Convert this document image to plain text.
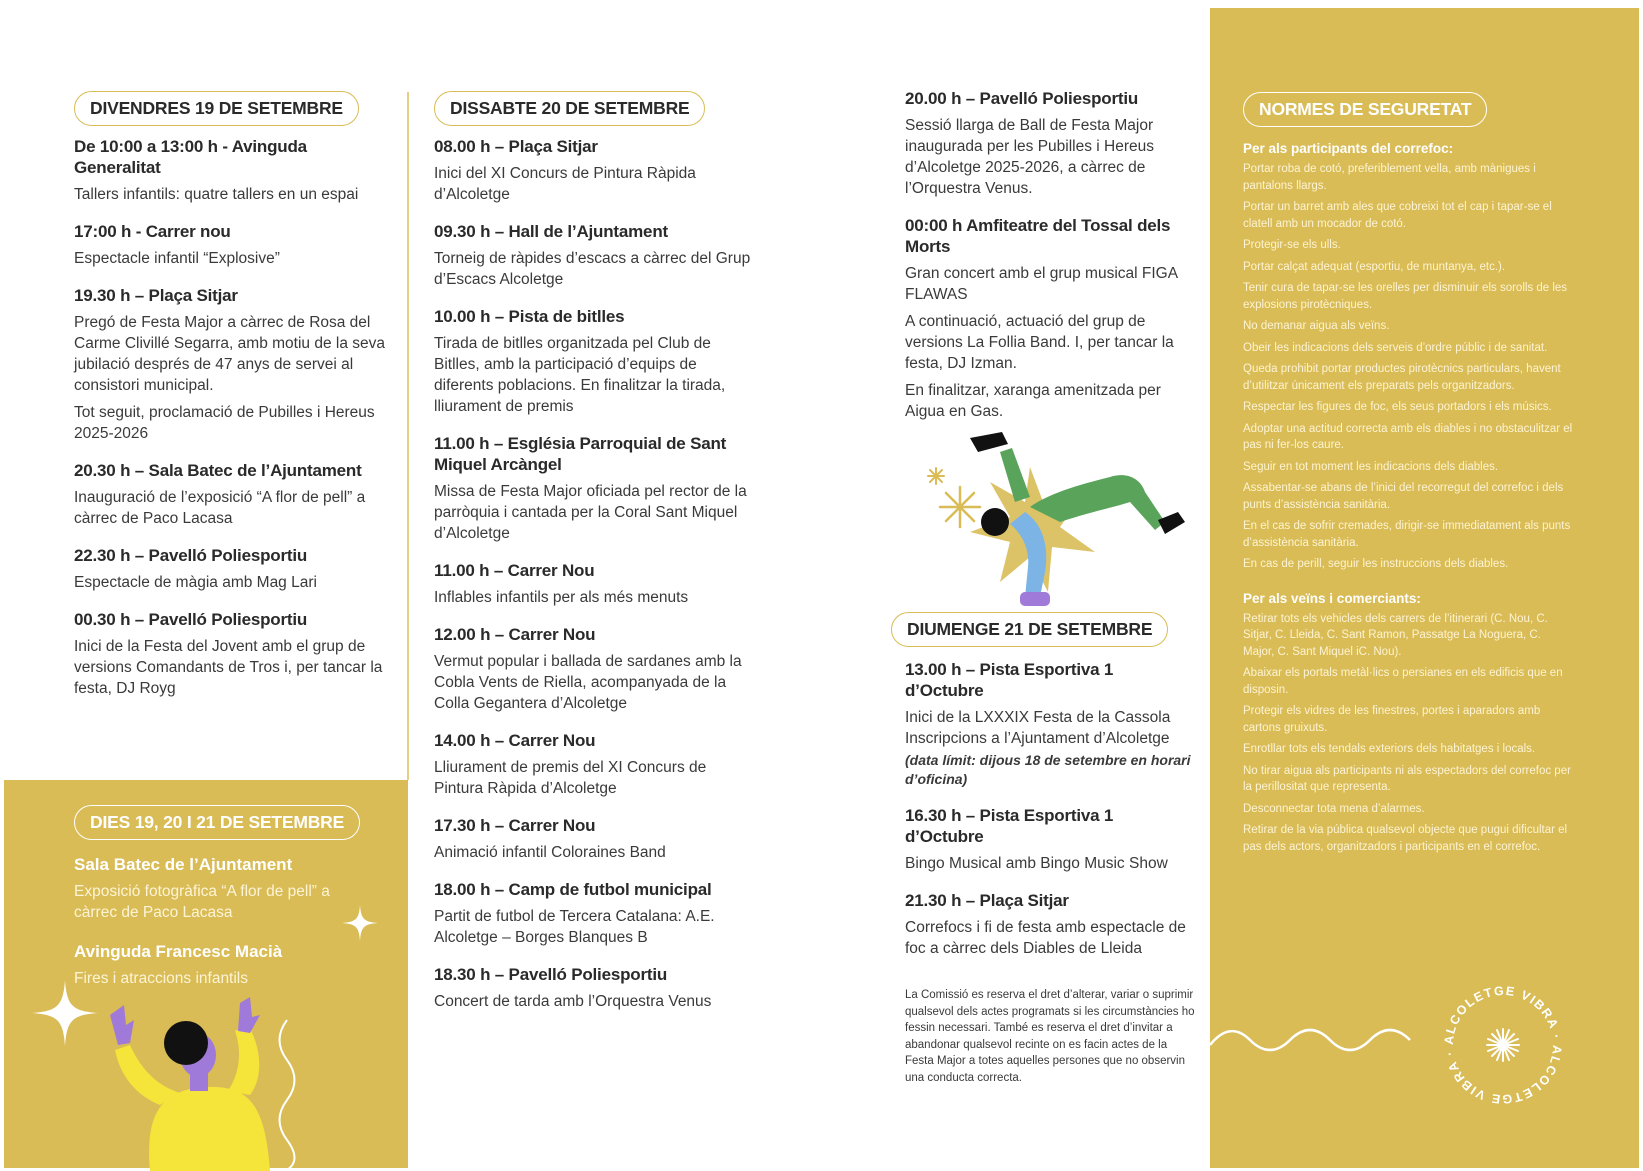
DIVENDRES 19 DE SETEMBRE
De 10:00 a 13:00 h - Avinguda Generalitat

Tallers infantils: quatre tallers en un espai

17:00 h - Carrer nou

Espectacle infantil “Explosive”

19.30 h – Plaça Sitjar

Pregó de Festa Major a càrrec de Rosa del Carme Clivillé Segarra, amb motiu de la seva jubilació després de 47 anys de servei al consistori municipal.

Tot seguit, proclamació de Pubilles i Hereus 2025-2026

20.30 h – Sala Batec de l’Ajuntament

Inauguració de l’exposició “A flor de pell” a càrrec de Paco Lacasa

22.30 h – Pavelló Poliesportiu

Espectacle de màgia amb Mag Lari

00.30 h – Pavelló Poliesportiu

Inici de la Festa del Jovent amb el grup de versions Comandants de Tros i, per tancar la festa, DJ Royg

DIES 19, 20 I 21 DE SETEMBRE
Sala Batec de l’Ajuntament

Exposició fotogràfica “A flor de pell” a càrrec de Paco Lacasa

Avinguda Francesc Macià

Fires i atraccions infantils

DISSABTE 20 DE SETEMBRE
08.00 h – Plaça Sitjar

Inici del XI Concurs de Pintura Ràpida d’Alcoletge

09.30 h – Hall de l’Ajuntament

Torneig de ràpides d’escacs a càrrec del Grup d’Escacs Alcoletge

10.00 h – Pista de bitlles

Tirada de bitlles organitzada pel Club de Bitlles, amb la participació d’equips de diferents poblacions. En finalitzar la tirada, lliurament de premis

11.00 h – Església Parroquial de Sant Miquel Arcàngel

Missa de Festa Major oficiada pel rector de la parròquia i cantada per la Coral Sant Miquel d’Alcoletge

11.00 h – Carrer Nou

Inflables infantils per als més menuts

12.00 h – Carrer Nou

Vermut popular i ballada de sardanes amb la Cobla Vents de Riella, acompanyada de la Colla Gegantera d’Alcoletge

14.00 h – Carrer Nou

Lliurament de premis del XI Concurs de Pintura Ràpida d’Alcoletge

17.30 h – Carrer Nou

Animació infantil Coloraines Band

18.00 h – Camp de futbol municipal

Partit de futbol de Tercera Catalana: A.E. Alcoletge – Borges Blanques B

18.30 h – Pavelló Poliesportiu

Concert de tarda amb l’Orquestra Venus

20.00 h – Pavelló Poliesportiu

Sessió llarga de Ball de Festa Major inaugurada per les Pubilles i Hereus d’Alcoletge 2025-2026, a càrrec de l’Orquestra Venus.

00:00 h Amfiteatre del Tossal dels Morts

Gran concert amb el grup musical FIGA FLAWAS

A continuació, actuació del grup de versions La Follia Band. I, per tancar la festa, DJ Izman.

En finalitzar, xaranga amenitzada per Aigua en Gas.

DIUMENGE 21 DE SETEMBRE
13.00 h – Pista Esportiva 1 d’Octubre

Inici de la LXXXIX Festa de la Cassola Inscripcions a l’Ajuntament d’Alcoletge

(data límit: dijous 18 de setembre en horari d’oficina)

16.30 h – Pista Esportiva 1 d’Octubre

Bingo Musical amb Bingo Music Show

21.30 h – Plaça Sitjar

Correfocs i fi de festa amb espectacle de foc a càrrec dels Diables de Lleida

La Comissió es reserva el dret d’alterar, variar o suprimir qualsevol dels actes programats si les circumstàncies ho fessin necessari. També es reserva el dret d’invitar a abandonar qualsevol recinte on es facin actes de la Festa Major a totes aquelles persones que no observin una conducta correcta.
NORMES DE SEGURETAT
Per als participants del correfoc:
Portar roba de cotó, preferiblement vella, amb mànigues i pantalons llargs.
Portar un barret amb ales que cobreixi tot el cap i tapar-se el clatell amb un mocador de cotó.
Protegir-se els ulls.
Portar calçat adequat (esportiu, de muntanya, etc.).
Tenir cura de tapar-se les orelles per disminuir els sorolls de les explosions pirotècniques.
No demanar aigua als veïns.
Obeir les indicacions dels serveis d’ordre públic i de sanitat.
Queda prohibit portar productes pirotècnics particulars, havent d’utilitzar únicament els preparats pels organitzadors.
Respectar les figures de foc, els seus portadors i els músics.
Adoptar una actitud correcta amb els diables i no obstaculitzar el pas ni fer-los caure.
Seguir en tot moment les indicacions dels diables.
Assabentar-se abans de l’inici del recorregut del correfoc i dels punts d’assistència sanitària.
En el cas de sofrir cremades, dirigir-se immediatament als punts d’assistència sanitària.
En cas de perill, seguir les instruccions dels diables.
Per als veïns i comerciants:
Retirar tots els vehicles dels carrers de l’itinerari (C. Nou, C. Sitjar, C. Lleida, C. Sant Ramon, Passatge La Noguera, C. Major, C. Sant Miquel iC. Nou).
Abaixar els portals metàl·lics o persianes en els edificis que en disposin.
Protegir els vidres de les finestres, portes i aparadors amb cartons gruixuts.
Enrotllar tots els tendals exteriors dels habitatges i locals.
No tirar aigua als participants ni als espectadors del correfoc per la perillositat que representa.
Desconnectar tota mena d’alarmes.
Retirar de la via pública qualsevol objecte que pugui dificultar el pas dels actors, organitzadors i participants en el correfoc.
ALCOLETGE VIBRA · ALCOLETGE VIBRA ·
